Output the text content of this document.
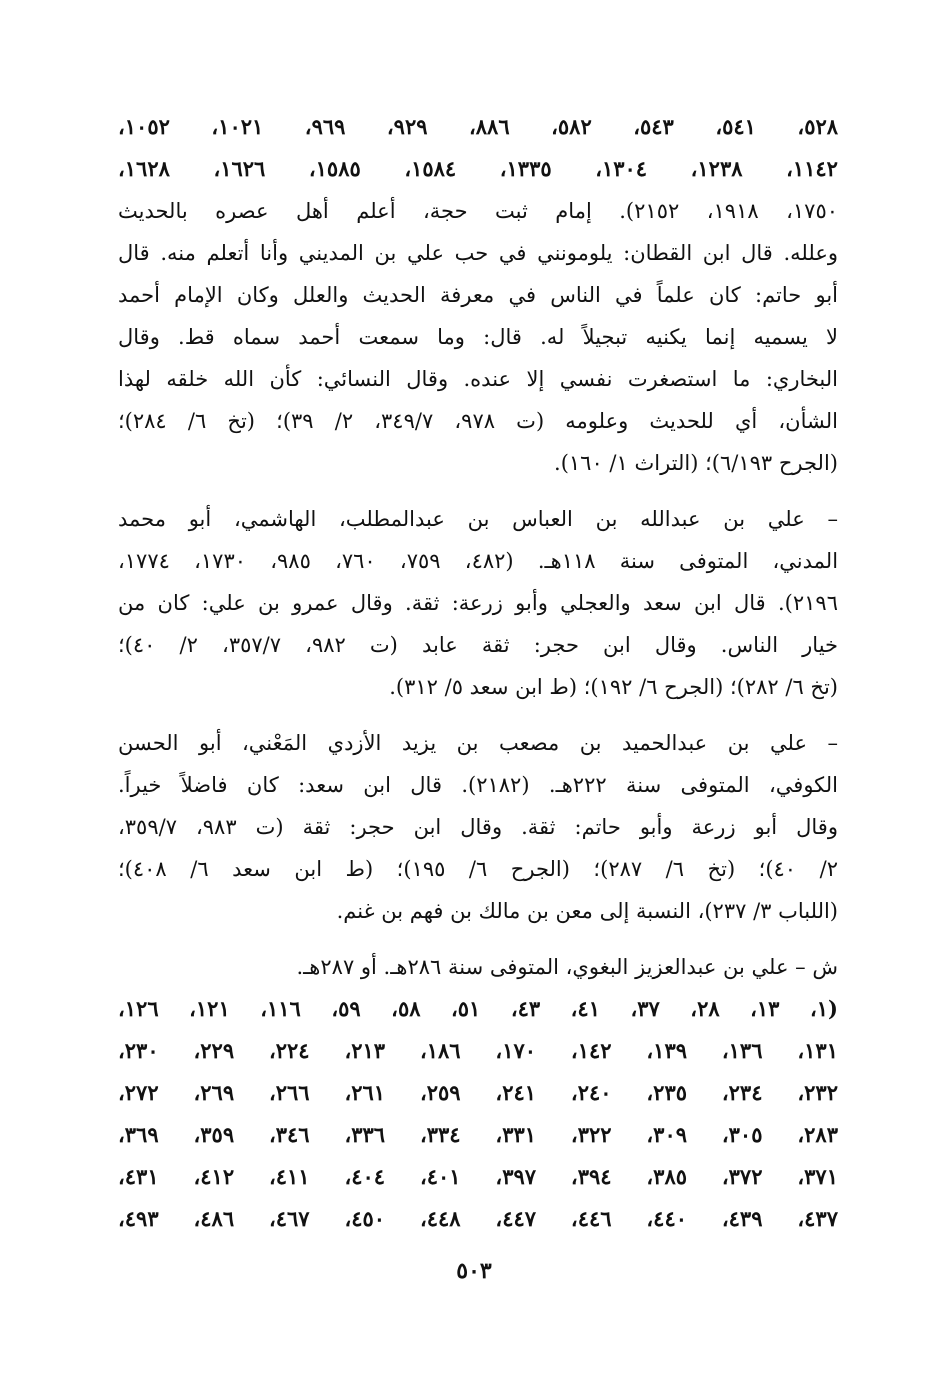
٥٢٨، ٥٤١، ٥٤٣، ٥٨٢، ٨٨٦، ٩٢٩، ٩٦٩، ١٠٢١، ١٠٥٢،
١١٤٢، ١٢٣٨، ١٣٠٤، ١٣٣٥، ١٥٨٤، ١٥٨٥، ١٦٢٦، ١٦٢٨،
١٧٥٠، ١٩١٨، ٢١٥٢). إمام ثبت حجة، أعلم أهل عصره بالحديث
وعلله. قال ابن القطان: يلومونني في حب علي بن المديني وأنا أتعلم منه. قال
أبو حاتم: كان علماً في الناس في معرفة الحديث والعلل وكان الإمام أحمد
لا يسميه إنما يكنيه تبجيلاً له. قال: وما سمعت أحمد سماه قط. وقال
البخاري: ما استصغرت نفسي إلا عنده. وقال النسائي: كأن الله خلقه لهذا
الشأن، أي للحديث وعلومه (ت ٩٧٨، ٣٤٩/٧، ٢/ ٣٩)؛ (تخ ٦/ ٢٨٤)؛
(الجرح ٦/١٩٣)؛ (التراث ١/ ١٦٠).
– علي بن عبدالله بن العباس بن عبدالمطلب، الهاشمي، أبو محمد
المدني، المتوفى سنة ١١٨هـ. (٤٨٢، ٧٥٩، ٧٦٠، ٩٨٥، ١٧٣٠، ١٧٧٤،
٢١٩٦). قال ابن سعد والعجلي وأبو زرعة: ثقة. وقال عمرو بن علي: كان من
خيار الناس. وقال ابن حجر: ثقة عابد (ت ٩٨٢، ٣٥٧/٧، ٢/ ٤٠)؛
(تخ ٦/ ٢٨٢)؛ (الجرح ٦/ ١٩٢)؛ (ط ابن سعد ٥/ ٣١٢).
– علي بن عبدالحميد بن مصعب بن يزيد الأزدي المَعْني، أبو الحسن
الكوفي، المتوفى سنة ٢٢٢هـ. (٢١٨٢). قال ابن سعد: كان فاضلاً خيراً.
وقال أبو زرعة وأبو حاتم: ثقة. وقال ابن حجر: ثقة (ت ٩٨٣، ٣٥٩/٧،
٢/ ٤٠)؛ (تخ ٦/ ٢٨٧)؛ (الجرح ٦/ ١٩٥)؛ (ط ابن سعد ٦/ ٤٠٨)؛
(اللباب ٣/ ٢٣٧)، النسبة إلى معن بن مالك بن فهم بن غنم.
ش – علي بن عبدالعزيز البغوي، المتوفى سنة ٢٨٦هـ. أو ٢٨٧هـ.
(١، ١٣، ٢٨، ٣٧، ٤١، ٤٣، ٥١، ٥٨، ٥٩، ١١٦، ١٢١، ١٢٦،
١٣١، ١٣٦، ١٣٩، ١٤٢، ١٧٠، ١٨٦، ٢١٣، ٢٢٤، ٢٢٩، ٢٣٠،
٢٣٢، ٢٣٤، ٢٣٥، ٢٤٠، ٢٤١، ٢٥٩، ٢٦١، ٢٦٦، ٢٦٩، ٢٧٢،
٢٨٣، ٣٠٥، ٣٠٩، ٣٢٢، ٣٣١، ٣٣٤، ٣٣٦، ٣٤٦، ٣٥٩، ٣٦٩،
٣٧١، ٣٧٢، ٣٨٥، ٣٩٤، ٣٩٧، ٤٠١، ٤٠٤، ٤١١، ٤١٢، ٤٣١،
٤٣٧، ٤٣٩، ٤٤٠، ٤٤٦، ٤٤٧، ٤٤٨، ٤٥٠، ٤٦٧، ٤٨٦، ٤٩٣،
٥٠٣
